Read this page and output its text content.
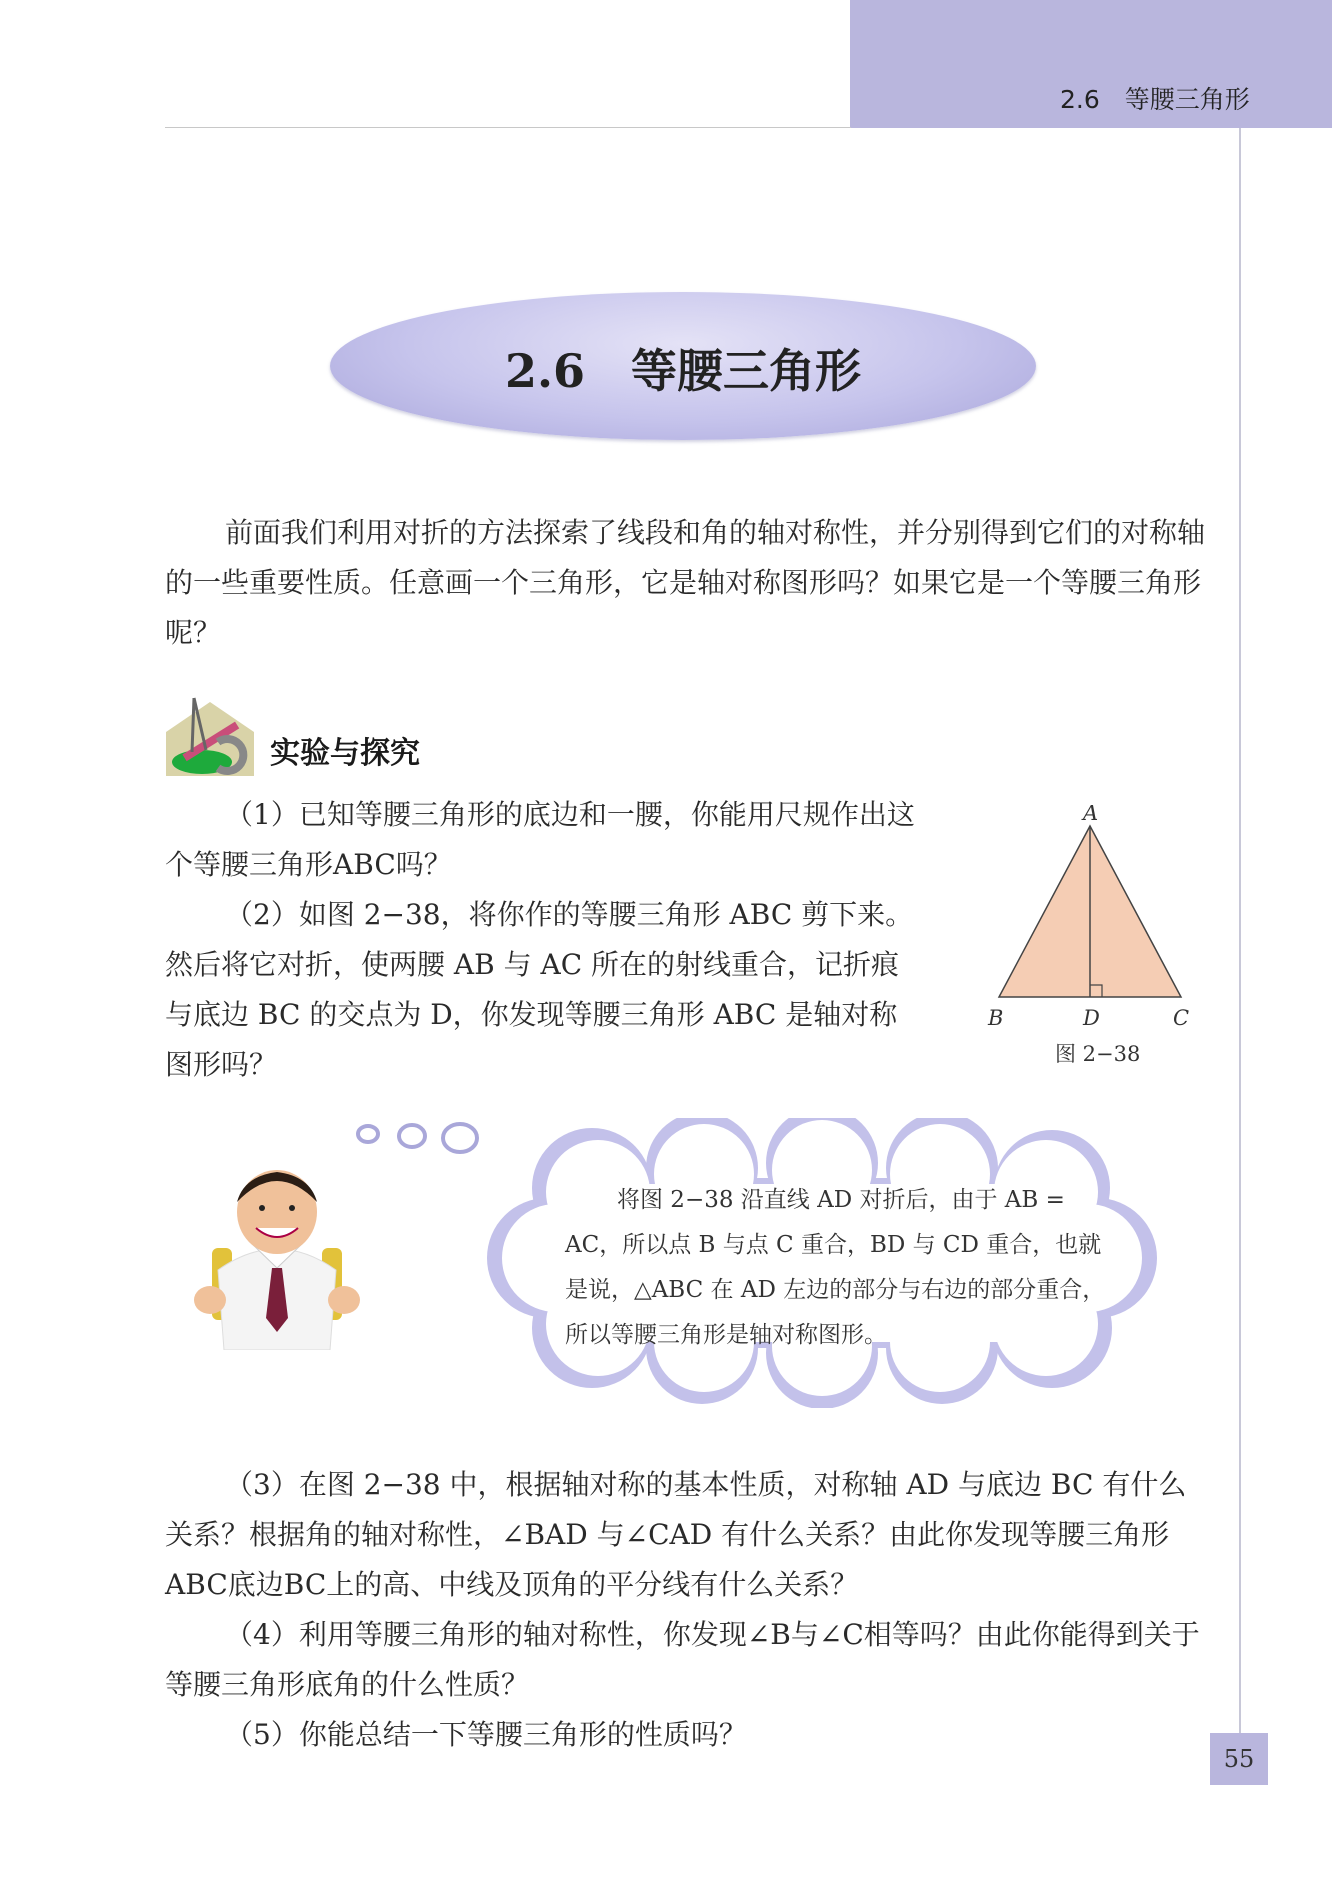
2.6　等腰三角形
2.6　等腰三角形
前面我们利用对折的方法探索了线段和角的轴对称性，并分别得到它们的对称轴的一些重要性质。任意画一个三角形，它是轴对称图形吗？如果它是一个等腰三角形呢？
实验与探究
（1）已知等腰三角形的底边和一腰，你能用尺规作出这个等腰三角形ABC吗？
（2）如图 2−38，将你作的等腰三角形 ABC 剪下来。然后将它对折，使两腰 AB 与 AC 所在的射线重合，记折痕与底边 BC 的交点为 D，你发现等腰三角形 ABC 是轴对称图形吗？
A
B	D	C
图 2−38
将图 2−38 沿直线 AD 对折后，由于 AB = AC，所以点 B 与点 C 重合，BD 与 CD 重合，也就是说，△ABC 在 AD 左边的部分与右边的部分重合，所以等腰三角形是轴对称图形。
（3）在图 2−38 中，根据轴对称的基本性质，对称轴 AD 与底边 BC 有什么关系？根据角的轴对称性，∠BAD 与∠CAD 有什么关系？由此你发现等腰三角形ABC底边BC上的高、中线及顶角的平分线有什么关系？
（4）利用等腰三角形的轴对称性，你发现∠B与∠C相等吗？由此你能得到关于等腰三角形底角的什么性质？
（5）你能总结一下等腰三角形的性质吗？
55
